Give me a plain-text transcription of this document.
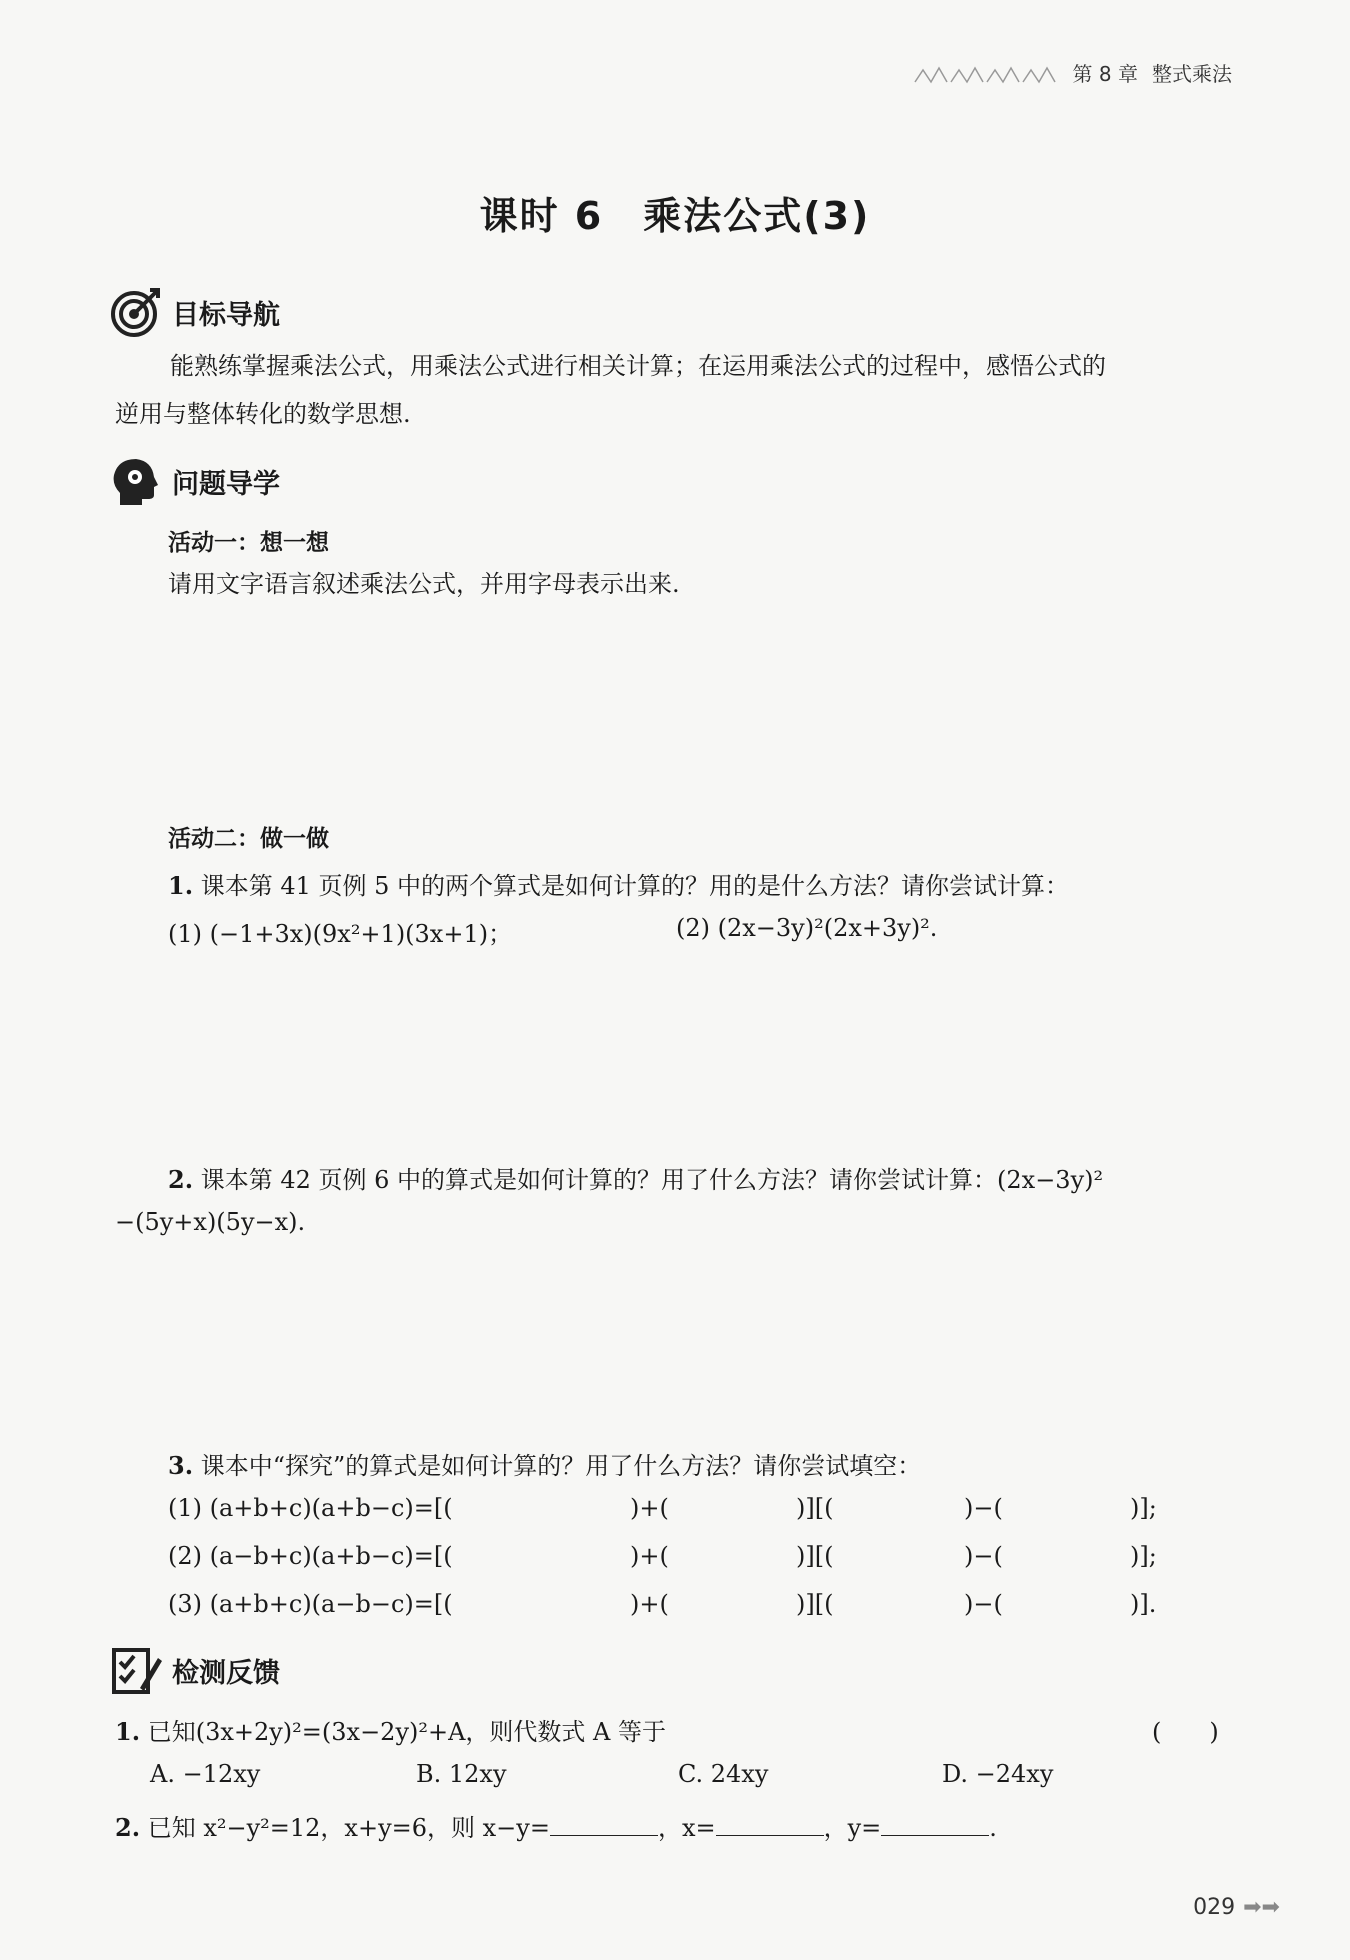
第 8 章 整式乘法
课时 6　乘法公式(3)
目标导航
能熟练掌握乘法公式，用乘法公式进行相关计算；在运用乘法公式的过程中，感悟公式的
逆用与整体转化的数学思想.
问题导学
活动一：想一想
请用文字语言叙述乘法公式，并用字母表示出来.
活动二：做一做
1. 课本第 41 页例 5 中的两个算式是如何计算的？用的是什么方法？请你尝试计算：
(1) (−1+3x)(9x²+1)(3x+1)；	(2) (2x−3y)²(2x+3y)².
2. 课本第 42 页例 6 中的算式是如何计算的？用了什么方法？请你尝试计算：(2x−3y)²
−(5y+x)(5y−x).
3. 课本中“探究”的算式是如何计算的？用了什么方法？请你尝试填空：
(1) (a+b+c)(a+b−c)=[(	)+(	)][(	)−(	)];
(2) (a−b+c)(a+b−c)=[(	)+(	)][(	)−(	)];
(3) (a+b+c)(a−b−c)=[(	)+(	)][(	)−(	)].
检测反馈
1. 已知(3x+2y)²=(3x−2y)²+A，则代数式 A 等于	(　　)
A. −12xy	B. 12xy	C. 24xy	D. −24xy
2. 已知 x²−y²=12，x+y=6，则 x−y=	，x=	，y=	.
029 ➡➡
